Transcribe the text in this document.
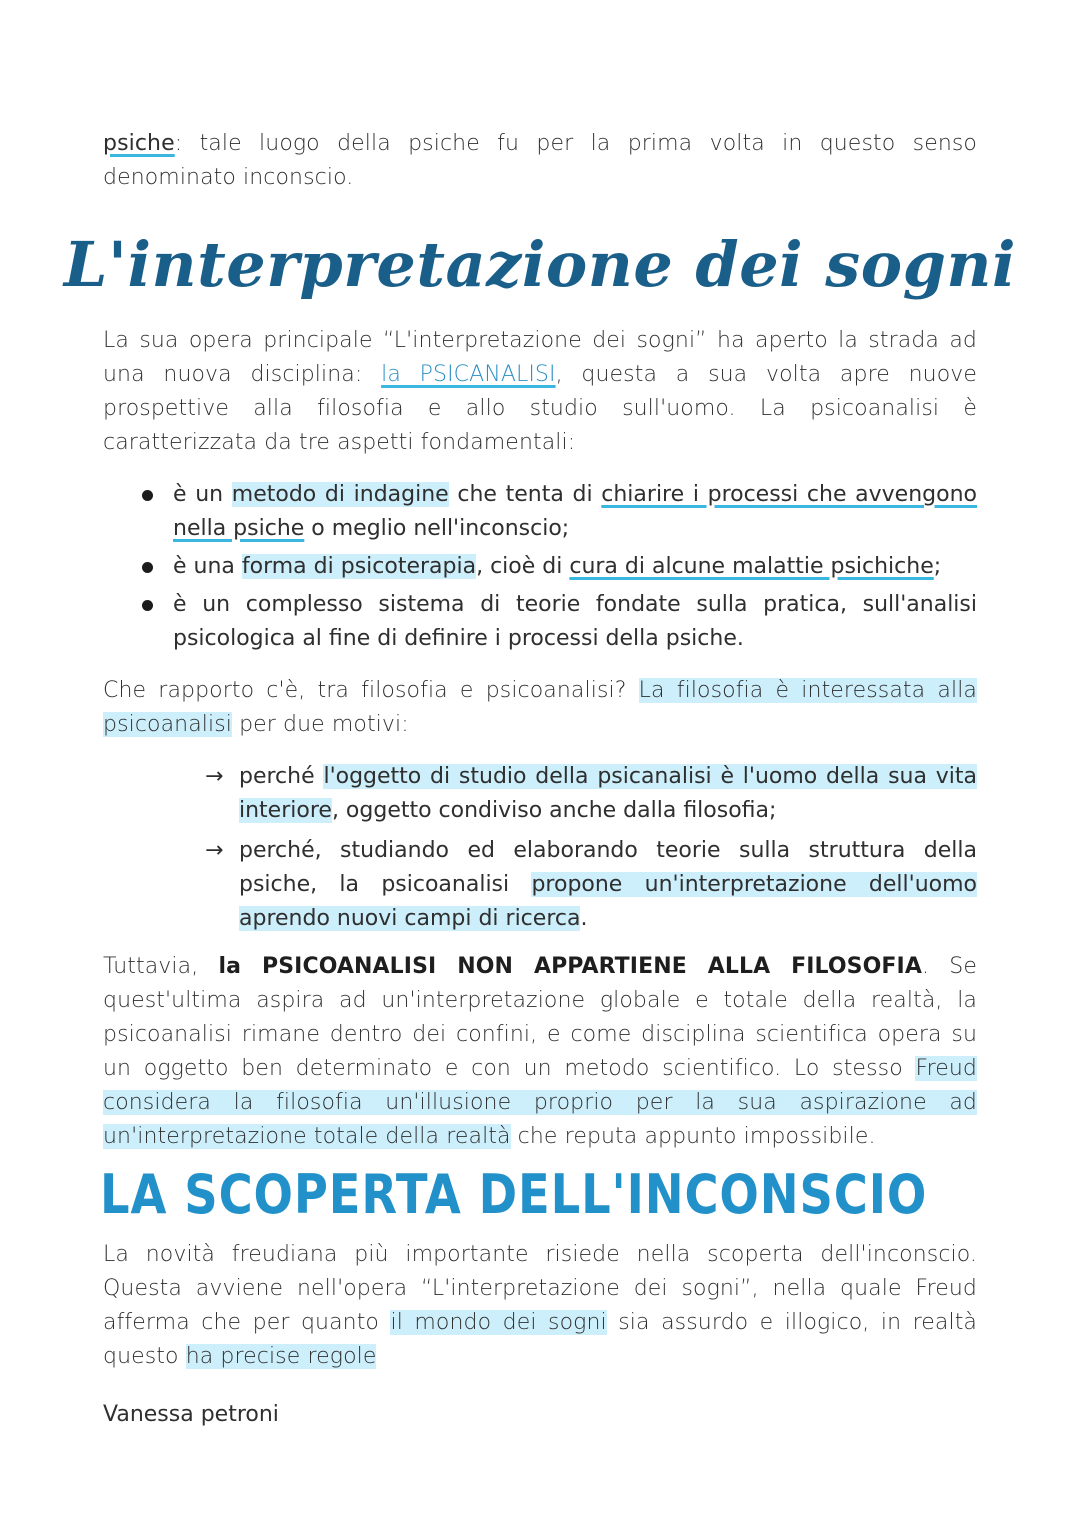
psiche: tale luogo della psiche fu per la prima volta in questo senso denominato inconscio.
L'interpretazione dei sogni
La sua opera principale “L'interpretazione dei sogni” ha aperto la strada ad una nuova disciplina: la PSICANALISI, questa a sua volta apre nuove prospettive alla filosofia e allo studio sull'uomo. La psicoanalisi è caratterizzata da tre aspetti fondamentali:
è un metodo di indagine che tenta di chiarire i processi che avvengono nella psiche o meglio nell'inconscio;
è una forma di psicoterapia, cioè di cura di alcune malattie psichiche;
è un complesso sistema di teorie fondate sulla pratica, sull'analisi psicologica al fine di definire i processi della psiche.
Che rapporto c'è, tra filosofia e psicoanalisi? La filosofia è interessata alla psicoanalisi per due motivi:
→ perché l'oggetto di studio della psicanalisi è l'uomo della sua vita interiore, oggetto condiviso anche dalla filosofia;
→ perché, studiando ed elaborando teorie sulla struttura della psiche, la psicoanalisi propone un'interpretazione dell'uomo aprendo nuovi campi di ricerca.
Tuttavia, la PSICOANALISI NON APPARTIENE ALLA FILOSOFIA. Se quest'ultima aspira ad un'interpretazione globale e totale della realtà, la psicoanalisi rimane dentro dei confini, e come disciplina scientifica opera su un oggetto ben determinato e con un metodo scientifico. Lo stesso Freud considera la filosofia un'illusione proprio per la sua aspirazione ad un'interpretazione totale della realtà che reputa appunto impossibile.
LA SCOPERTA DELL'INCONSCIO
La novità freudiana più importante risiede nella scoperta dell'inconscio. Questa avviene nell'opera “L'interpretazione dei sogni”, nella quale Freud afferma che per quanto il mondo dei sogni sia assurdo e illogico, in realtà questo ha precise regole
Vanessa petroni
